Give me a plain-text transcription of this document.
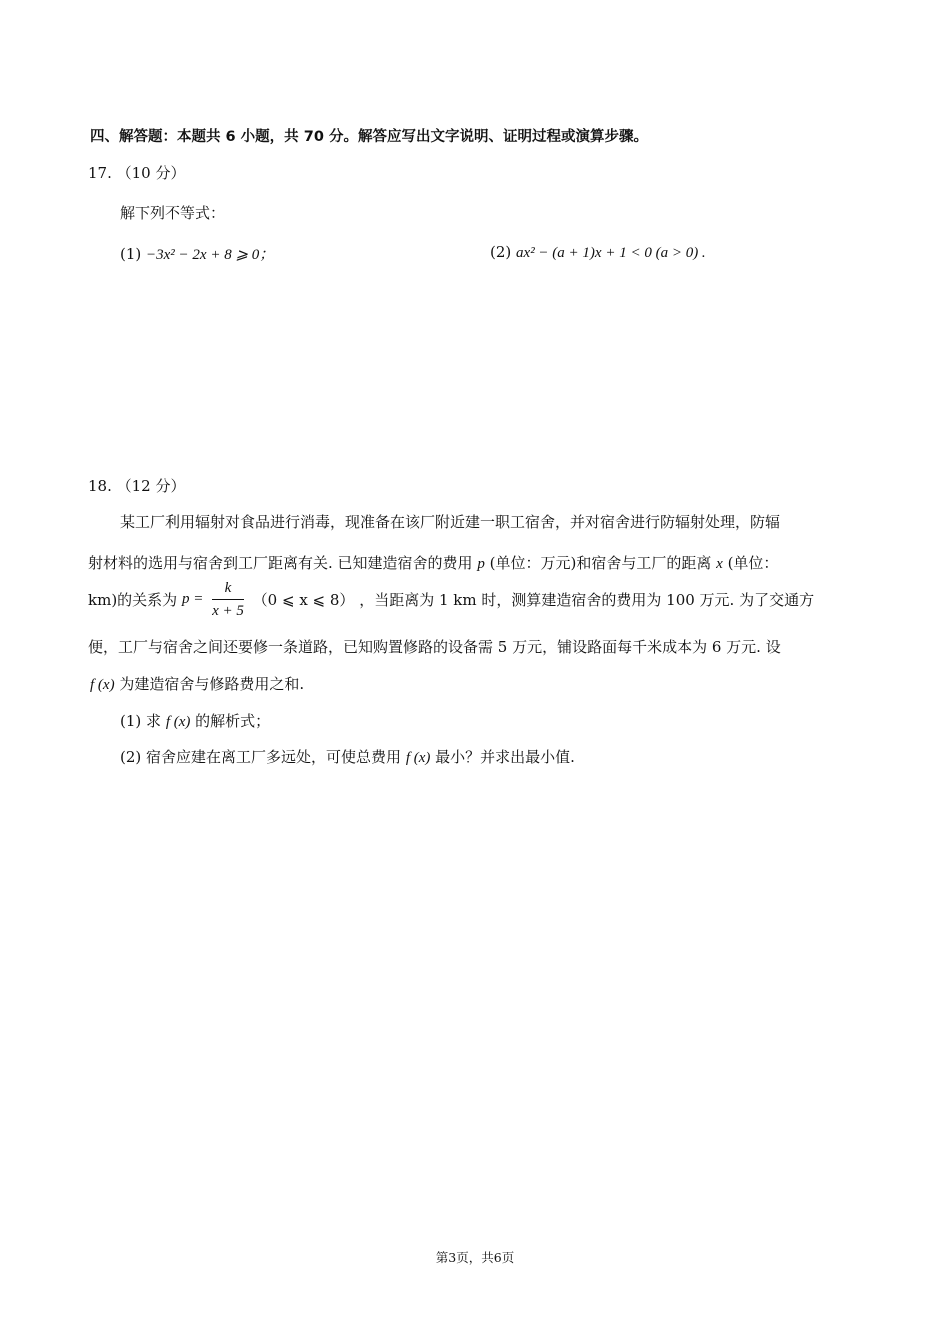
四、解答题：本题共 6 小题，共 70 分。解答应写出文字说明、证明过程或演算步骤。
17. （10 分）
解下列不等式：
(1) −3x² − 2x + 8 ⩾ 0；	(2) ax² − (a + 1)x + 1 < 0 (a > 0) .
18. （12 分）
某工厂利用辐射对食品进行消毒，现准备在该厂附近建一职工宿舍，并对宿舍进行防辐射处理，防辐
射材料的选用与宿舍到工厂距离有关. 已知建造宿舍的费用 p (单位：万元)和宿舍与工厂的距离 x (单位：
km)的关系为 $p = \frac{k}{x + 5} (0$ ⩽ x ⩽ 8） ，当距离为 1 km 时，测算建造宿舍的费用为 100 万元. 为了交通方
便，工厂与宿舍之间还要修一条道路，已知购置修路的设备需 5 万元，铺设路面每千米成本为 6 万元. 设
f (x) 为建造宿舍与修路费用之和.
(1) 求 f (x) 的解析式；
(2) 宿舍应建在离工厂多远处，可使总费用 f (x) 最小？并求出最小值.
第3页，共6页
